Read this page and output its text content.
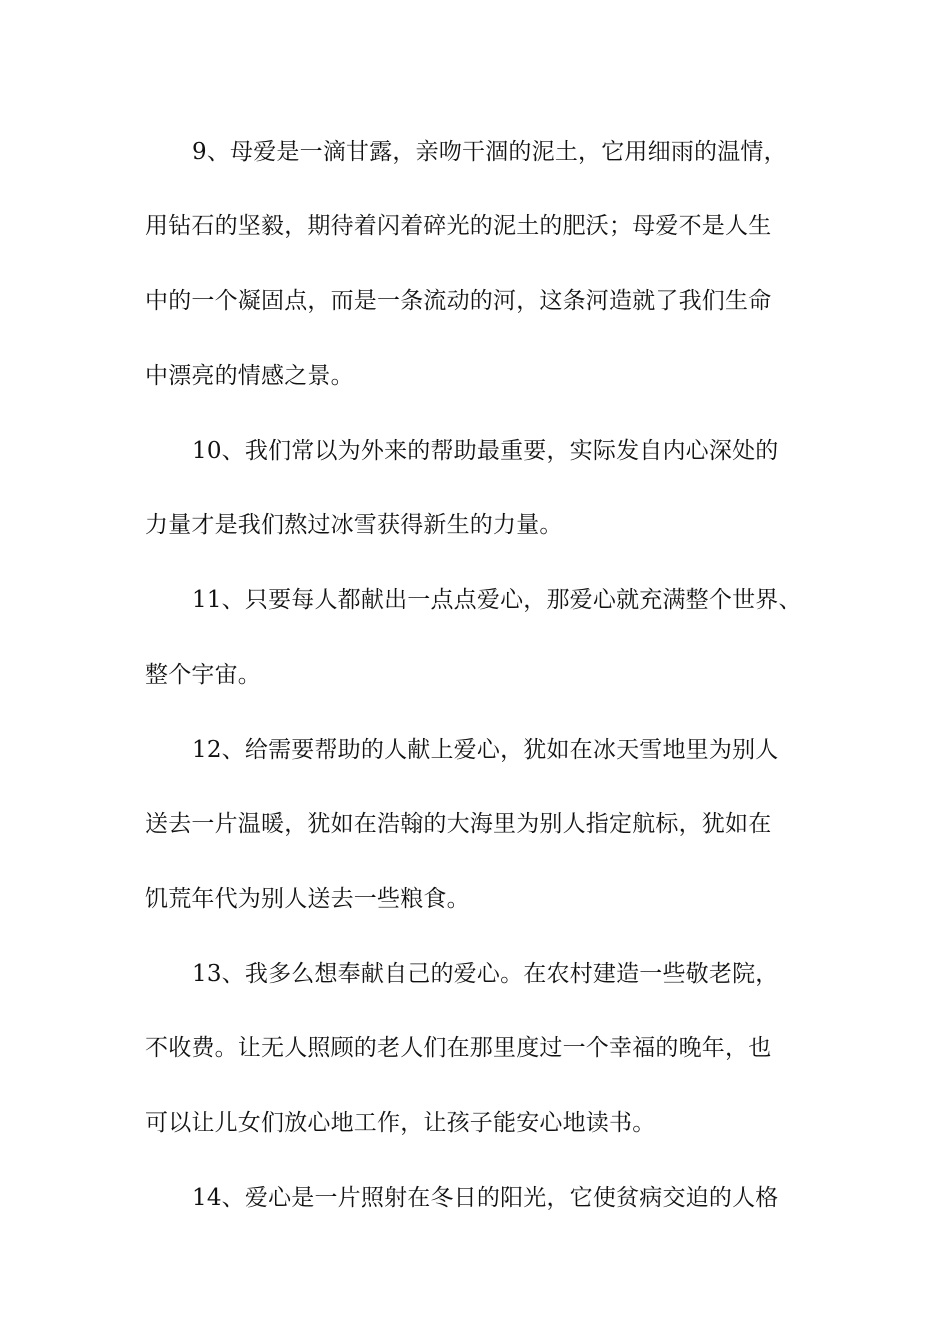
9、母爱是一滴甘露，亲吻干涸的泥土，它用细雨的温情，
用钻石的坚毅，期待着闪着碎光的泥土的肥沃；母爱不是人生
中的一个凝固点，而是一条流动的河，这条河造就了我们生命
中漂亮的情感之景。
10、我们常以为外来的帮助最重要，实际发自内心深处的
力量才是我们熬过冰雪获得新生的力量。
11、只要每人都献出一点点爱心，那爱心就充满整个世界、
整个宇宙。
12、给需要帮助的人献上爱心，犹如在冰天雪地里为别人
送去一片温暖，犹如在浩翰的大海里为别人指定航标，犹如在
饥荒年代为别人送去一些粮食。
13、我多么想奉献自己的爱心。在农村建造一些敬老院，
不收费。让无人照顾的老人们在那里度过一个幸福的晚年，也
可以让儿女们放心地工作，让孩子能安心地读书。
14、爱心是一片照射在冬日的阳光，它使贫病交迫的人格
